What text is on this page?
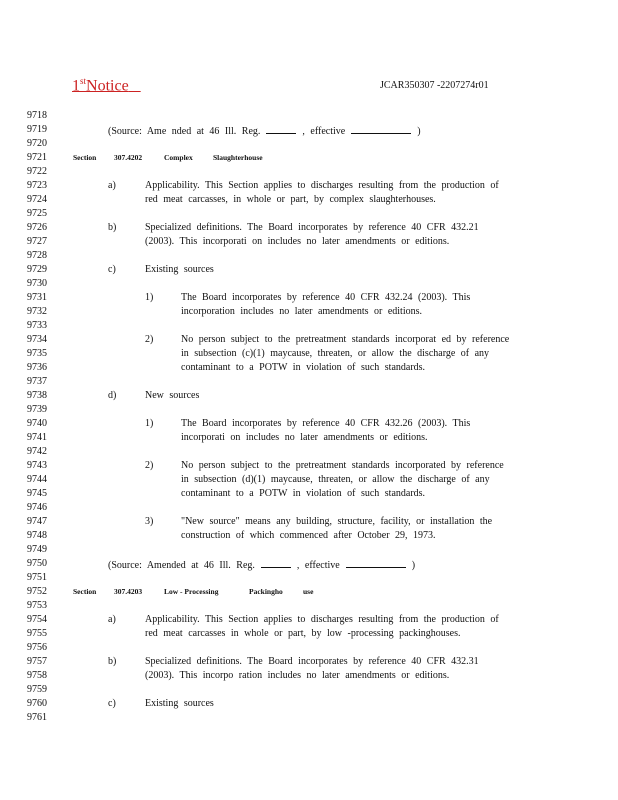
1stNotice	JCAR350307 -2207274r01
9718
9719
9720
9721
9722
9723
9724
9725
9726
9727
9728
9729
9730
9731
9732
9733
9734
9735
9736
9737
9738
9739
9740
9741
9742
9743
9744
9745
9746
9747
9748
9749
9750
9751
9752
9753
9754
9755
9756
9757
9758
9759
9760
9761
(Source: Ame nded at 46 Ill. Reg.	, effective	)
Section 307.4202	Complex	Slaughterhouse
a)	Applicability. This Section applies to discharges resulting from the production of
red meat carcasses, in whole or part, by complex slaughterhouses.
b)	Specialized definitions. The Board incorporates by reference 40 CFR 432.21
(2003). This incorporati on includes no later amendments or editions.
c)	Existing sources
1)	The Board incorporates by reference 40 CFR 432.24 (2003). This
incorporation includes no later amendments or editions.
2)	No person subject to the pretreatment standards incorporat ed by reference
in subsection (c)(1) maycause, threaten, or allow the discharge of any
contaminant to a POTW in violation of such standards.
d)	New sources
1)	The Board incorporates by reference 40 CFR 432.26 (2003). This
incorporati on includes no later amendments or editions.
2)	No person subject to the pretreatment standards incorporated by reference
in subsection (d)(1) maycause, threaten, or allow the discharge of any
contaminant to a POTW in violation of such standards.
3)	"New source" means any building, structure, facility, or installation the
construction of which commenced after October 29, 1973.
(Source: Amended at 46 Ill. Reg.	, effective	)
Section 307.4203	Low - Processing	Packingho	use
a)	Applicability. This Section applies to discharges resulting from the production of
red meat carcasses in whole or part, by low -processing packinghouses.
b)	Specialized definitions. The Board incorporates by reference 40 CFR 432.31
(2003). This incorpo ration includes no later amendments or editions.
c)	Existing sources
